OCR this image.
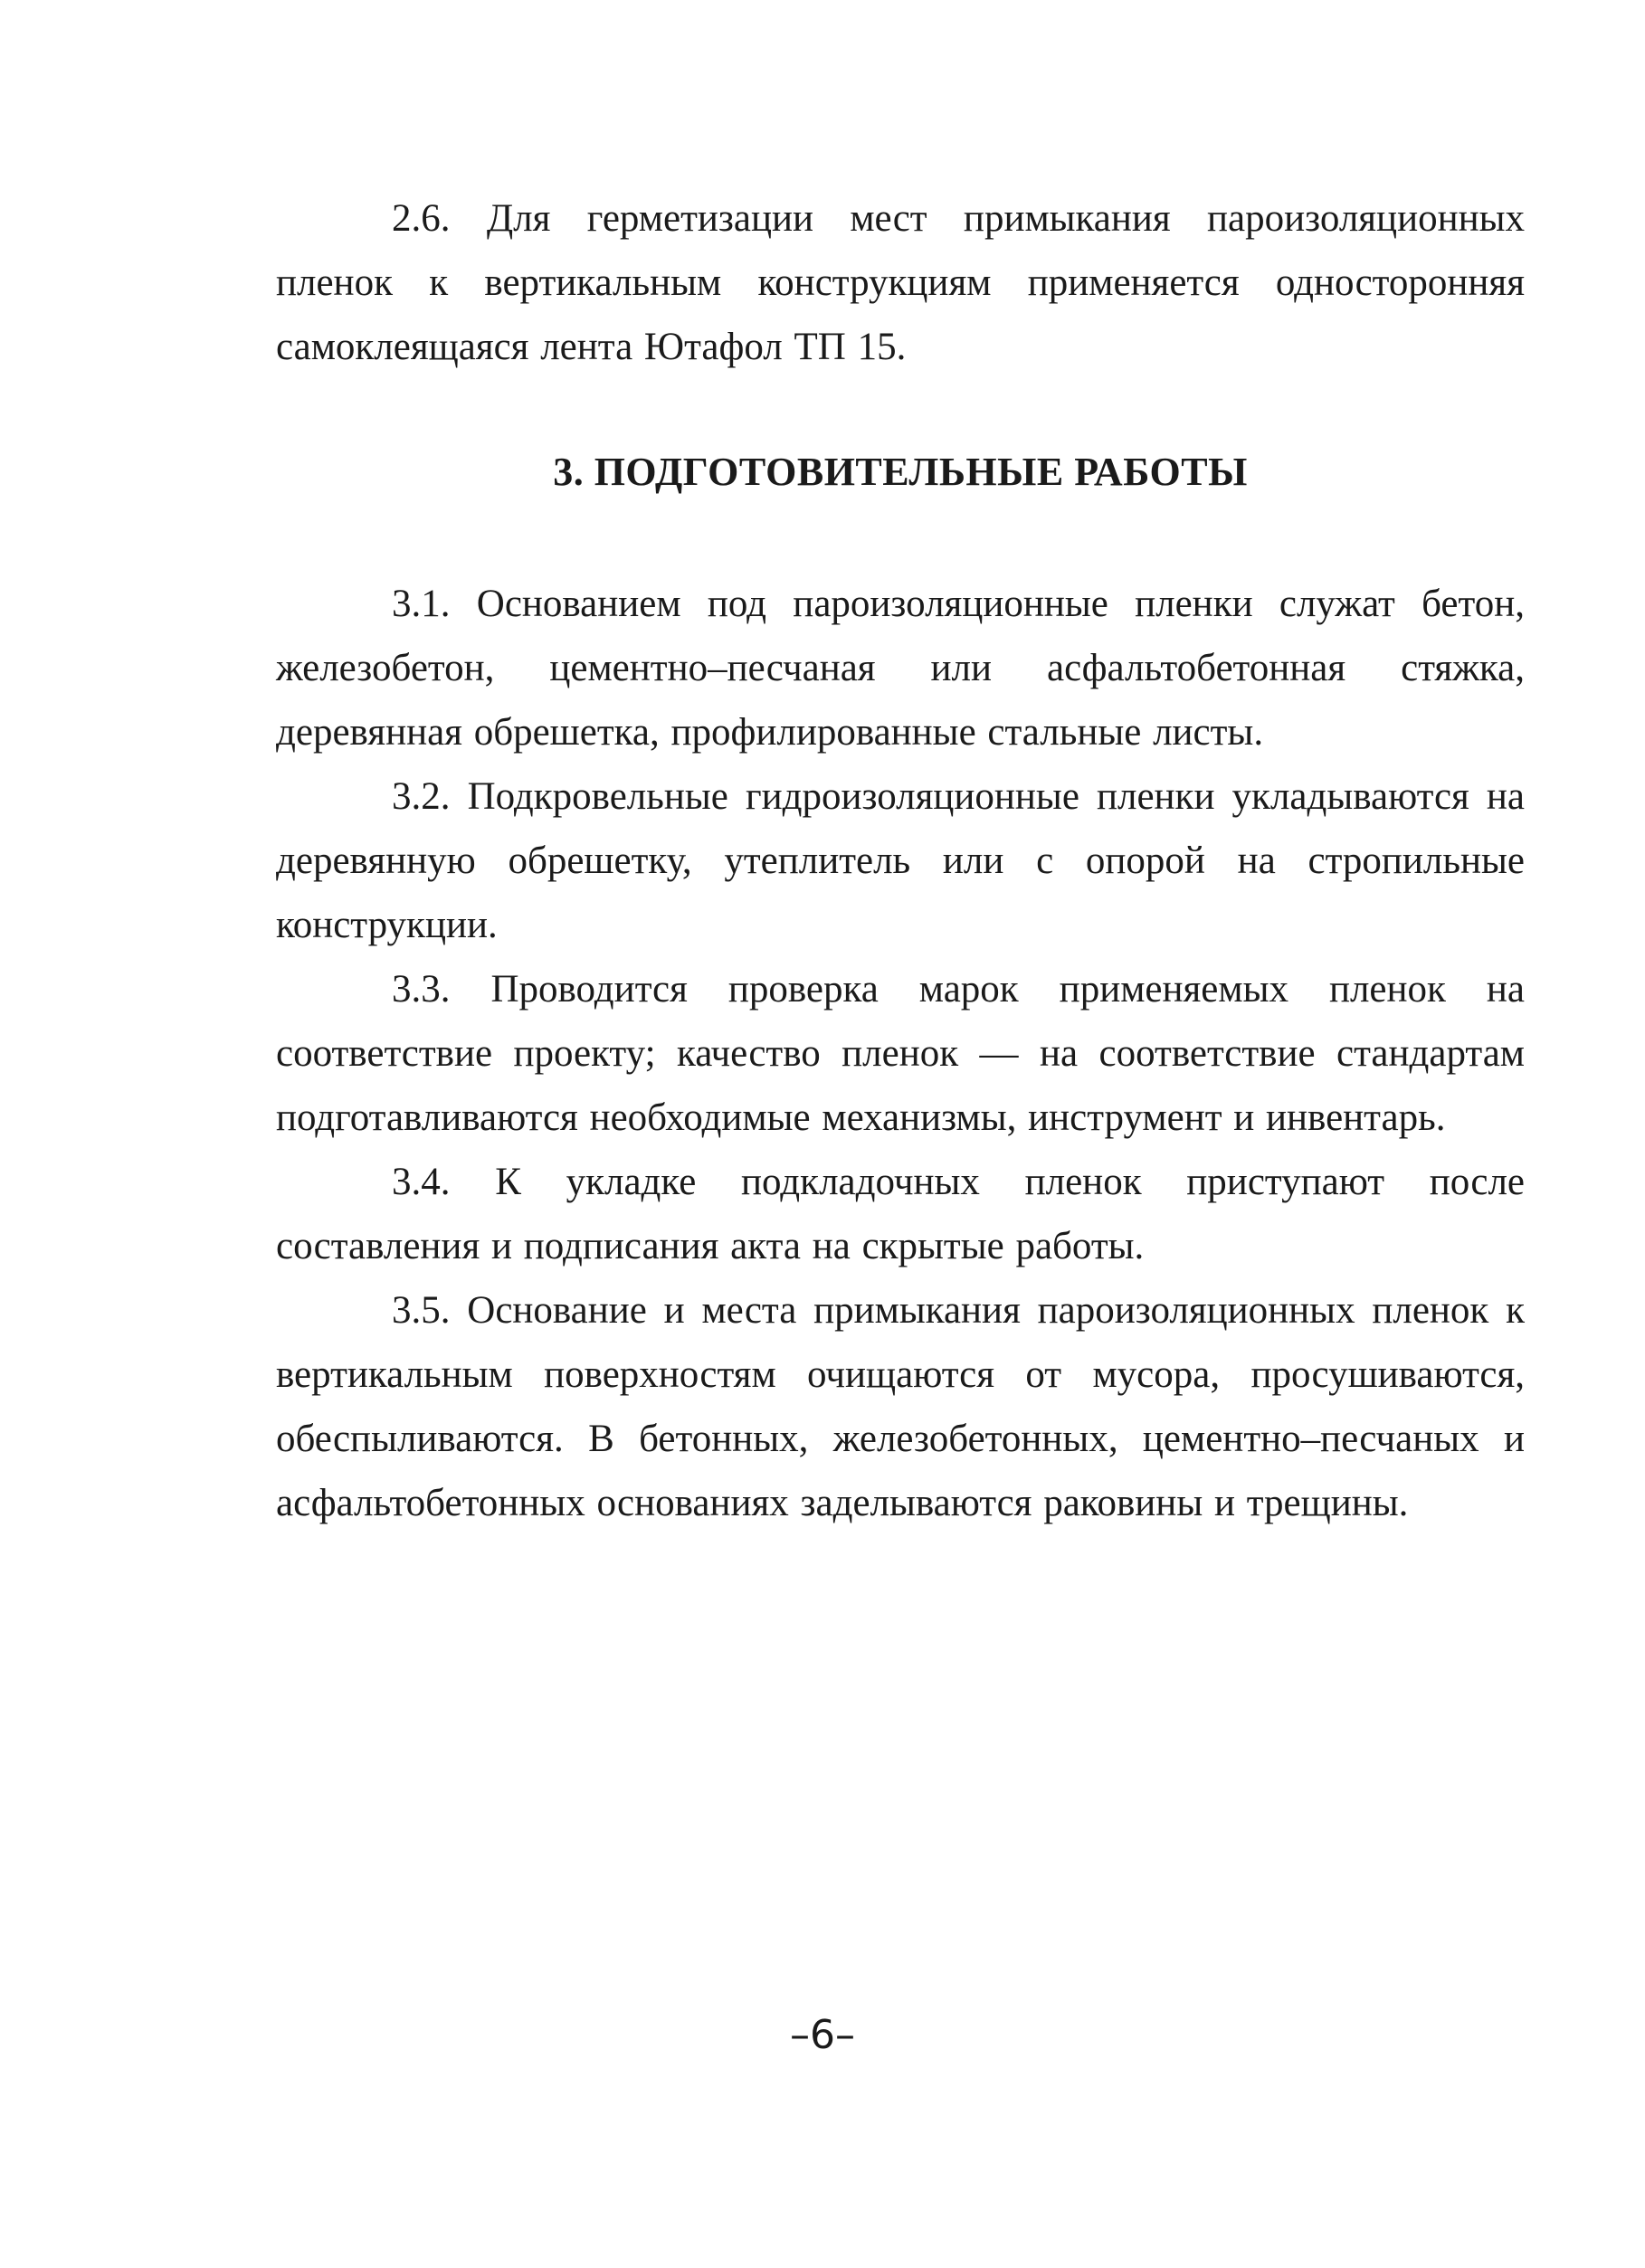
2.6. Для герметизации мест примыкания пароизоляционных пленок к вертикальным конструкциям применяется односторонняя самоклеящаяся лента Ютафол ТП 15.

3. ПОДГОТОВИТЕЛЬНЫЕ РАБОТЫ

3.1. Основанием под пароизоляционные пленки служат бетон, железобетон, цементно–песчаная или асфальтобетонная стяжка, деревянная обрешетка, профилированные стальные листы.

3.2. Подкровельные гидроизоляционные пленки укладываются на деревянную обрешетку, утеплитель или с опорой на стропильные конструкции.

3.3. Проводится проверка марок применяемых пленок на соответствие проекту; качество пленок — на соответствие стандартам подготавливаются необходимые механизмы, инструмент и инвентарь.

3.4. К укладке подкладочных пленок приступают после составления и подписания акта на скрытые работы.

3.5. Основание и места примыкания пароизоляционных пленок к вертикальным поверхностям очищаются от мусора, просушиваются, обеспыливаются. В бетонных, железобетонных, цементно–песчаных и асфальтобетонных основаниях заделываются раковины и трещины.

–6–
